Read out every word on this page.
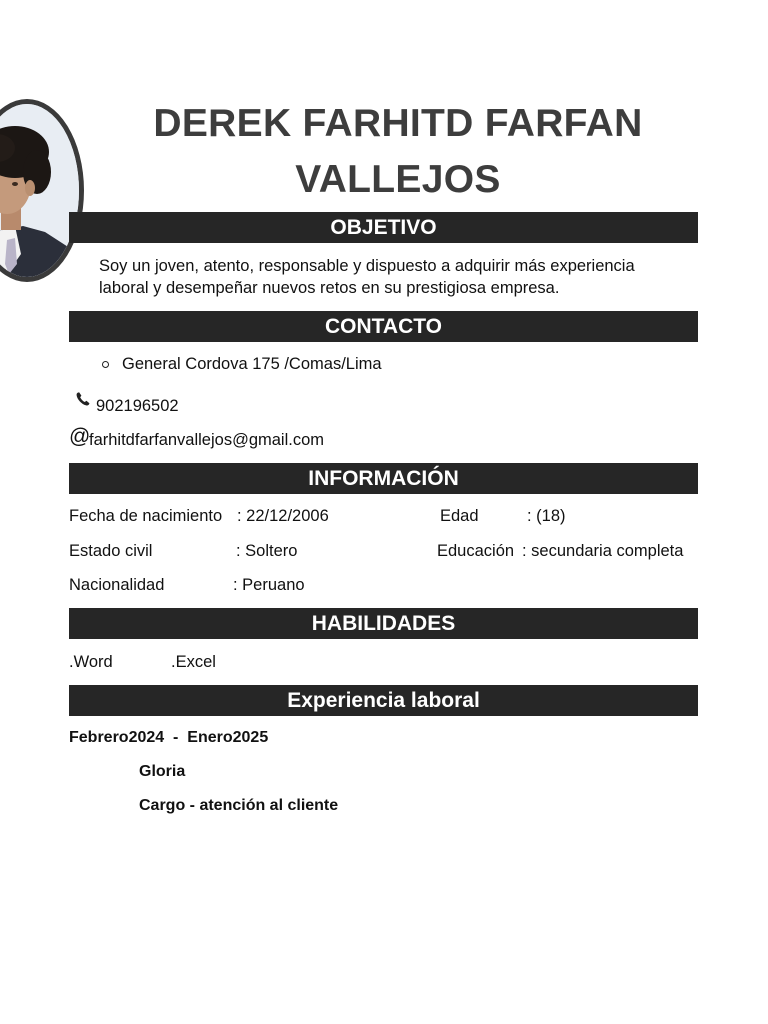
DEREK FARHITD FARFAN
VALLEJOS
OBJETIVO
Soy un joven, atento, responsable y dispuesto a adquirir más experiencia
laboral y desempeñar nuevos retos en su prestigiosa empresa.
CONTACTO
General Cordova 175 /Comas/Lima
902196502
@
farhitdfarfanvallejos@gmail.com
INFORMACIÓN
Fecha de nacimiento : 22/12/2006	Edad	: (18)
Estado civil	: Soltero	Educación : secundaria completa
Nacionalidad	: Peruano
HABILIDADES
.Word	.Excel
Experiencia laboral
Febrero2024  -  Enero2025
Gloria
Cargo - atención al cliente
